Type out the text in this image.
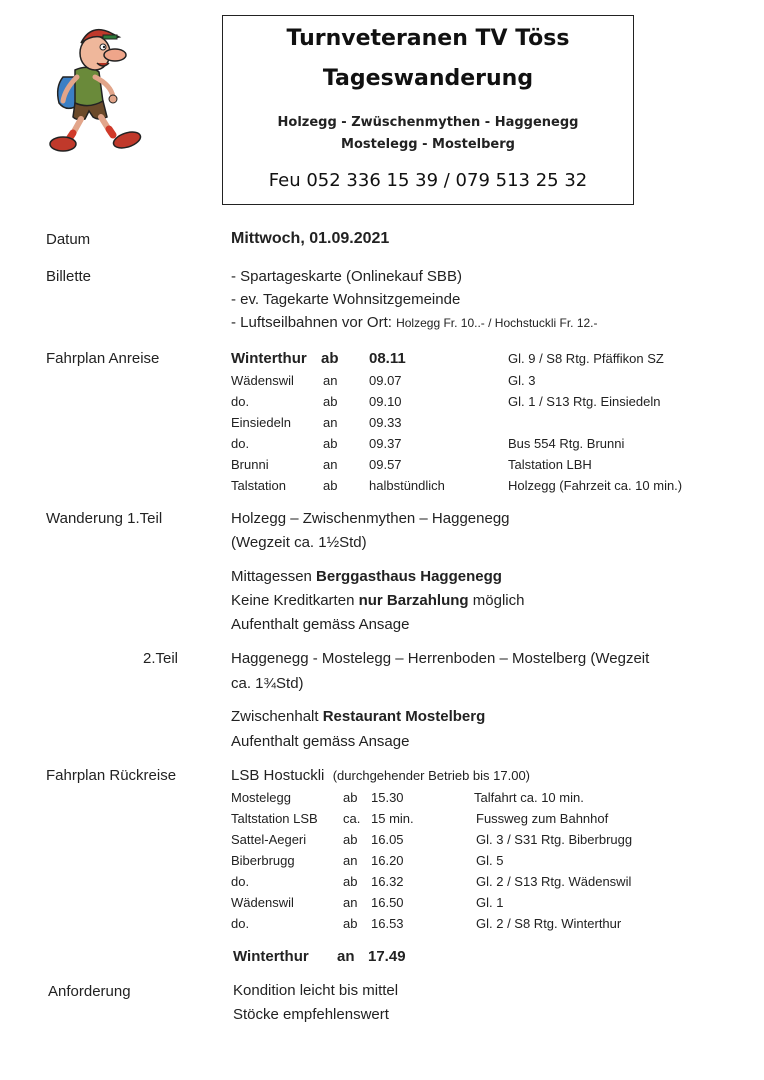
Turnveteranen TV Töss
Tageswanderung
Holzegg - Zwüschenmythen - Haggenegg
Mostelegg - Mostelberg
Feu 052 336 15 39 / 079 513 25 32
Datum	Mittwoch, 01.09.2021
Billette	- Spartageskarte (Onlinekauf SBB)
- ev. Tagekarte Wohnsitzgemeinde
- Luftseilbahnen vor Ort: Holzegg Fr. 10..- / Hochstuckli Fr. 12.-
Fahrplan Anreise	Winterthur ab 08.11	Gl. 9 / S8 Rtg. Pfäffikon SZ
Wädenswil an 09.07	Gl. 3
do.	ab 09.10	Gl. 1 / S13 Rtg. Einsiedeln
Einsiedeln an 09.33
do.	ab 09.37	Bus 554 Rtg. Brunni
Brunni	an 09.57	Talstation LBH
Talstation	ab halbstündlich	Holzegg (Fahrzeit ca. 10 min.)
Wanderung 1.Teil	Holzegg – Zwischenmythen – Haggenegg
(Wegzeit ca. 1½Std)
Mittagessen Berggasthaus Haggenegg
Keine Kreditkarten nur Barzahlung möglich
Aufenthalt gemäss Ansage
2.Teil	Haggenegg - Mostelegg – Herrenboden – Mostelberg (Wegzeit
ca. 1¾Std)
Zwischenhalt Restaurant Mostelberg
Aufenthalt gemäss Ansage
Fahrplan Rückreise	LSB Hostuckli (durchgehender Betrieb bis 17.00)
Mostelegg	ab 15.30	Talfahrt ca. 10 min.
Taltstation LSB ca. 15 min.	Fussweg zum Bahnhof
Sattel-Aegeri	ab 16.05	Gl. 3 / S31 Rtg. Biberbrugg
Biberbrugg	an 16.20	Gl. 5
do.	ab 16.32	Gl. 2 / S13 Rtg. Wädenswil
Wädenswil	an 16.50	Gl. 1
do.	ab 16.53	Gl. 2 / S8 Rtg. Winterthur
Winterthur an 17.49
Anforderung	Kondition leicht bis mittel
Stöcke empfehlenswert
